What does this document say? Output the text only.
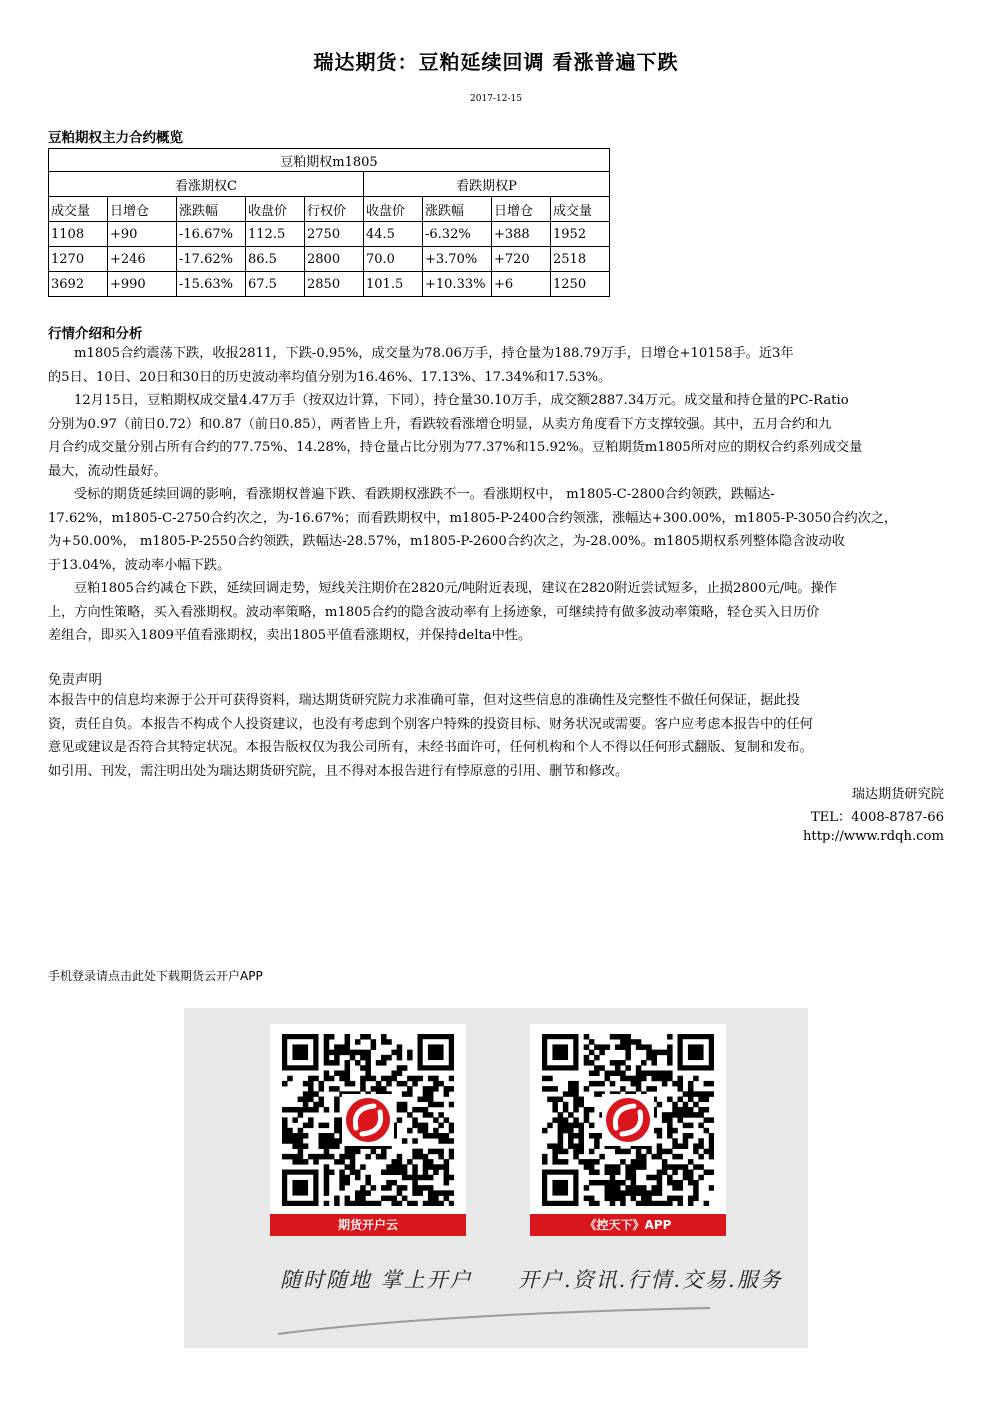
瑞达期货：豆粕延续回调 看涨普遍下跌
2017-12-15
豆粕期权主力合约概览
豆粕期权m1805								
看涨期权C					看跌期权P			
成交量	日增仓	涨跌幅	收盘价	行权价	收盘价	涨跌幅	日增仓	成交量
1108	+90	-16.67%	112.5	2750	44.5	-6.32%	+388	1952
1270	+246	-17.62%	86.5	2800	70.0	+3.70%	+720	2518
3692	+990	-15.63%	67.5	2850	101.5	+10.33%	+6	1250
行情介绍和分析

m1805合约震荡下跌，收报2811，下跌-0.95%，成交量为78.06万手，持仓量为188.79万手，日增仓+10158手。近3年

的5日、10日、20日和30日的历史波动率均值分别为16.46%、17.13%、17.34%和17.53%。

12月15日，豆粕期权成交量4.47万手（按双边计算，下同），持仓量30.10万手，成交额2887.34万元。成交量和持仓量的PC-Ratio

分别为0.97（前日0.72）和0.87（前日0.85），两者皆上升，看跌较看涨增仓明显，从卖方角度看下方支撑较强。其中，五月合约和九

月合约成交量分别占所有合约的77.75%、14.28%，持仓量占比分别为77.37%和15.92%。豆粕期货m1805所对应的期权合约系列成交量

最大，流动性最好。

受标的期货延续回调的影响，看涨期权普遍下跌、看跌期权涨跌不一。看涨期权中， m1805-C-2800合约领跌，跌幅达-

17.62%，m1805-C-2750合约次之，为-16.67%；而看跌期权中，m1805-P-2400合约领涨，涨幅达+300.00%，m1805-P-3050合约次之，

为+50.00%， m1805-P-2550合约领跌，跌幅达-28.57%，m1805-P-2600合约次之，为-28.00%。m1805期权系列整体隐含波动收

于13.04%，波动率小幅下跌。

豆粕1805合约减仓下跌，延续回调走势，短线关注期价在2820元/吨附近表现，建议在2820附近尝试短多，止损2800元/吨。操作

上，方向性策略，买入看涨期权。波动率策略，m1805合约的隐含波动率有上扬迹象，可继续持有做多波动率策略，轻仓买入日历价

差组合，即买入1809平值看涨期权，卖出1805平值看涨期权，并保持delta中性。

免责声明

本报告中的信息均来源于公开可获得资料，瑞达期货研究院力求准确可靠，但对这些信息的准确性及完整性不做任何保证，据此投

资，责任自负。本报告不构成个人投资建议，也没有考虑到个别客户特殊的投资目标、财务状况或需要。客户应考虑本报告中的任何

意见或建议是否符合其特定状况。本报告版权仅为我公司所有，未经书面许可，任何机构和个人不得以任何形式翻版、复制和发布。

如引用、刊发，需注明出处为瑞达期货研究院，且不得对本报告进行有悖原意的引用、删节和修改。

瑞达期货研究院
TEL：4008-8787-66
http://www.rdqh.com
手机登录请点击此处下载期货云开户APP
期货开户云	《控天下》APP
随时随地 掌上开户 开户.资讯.行情.交易.服务
